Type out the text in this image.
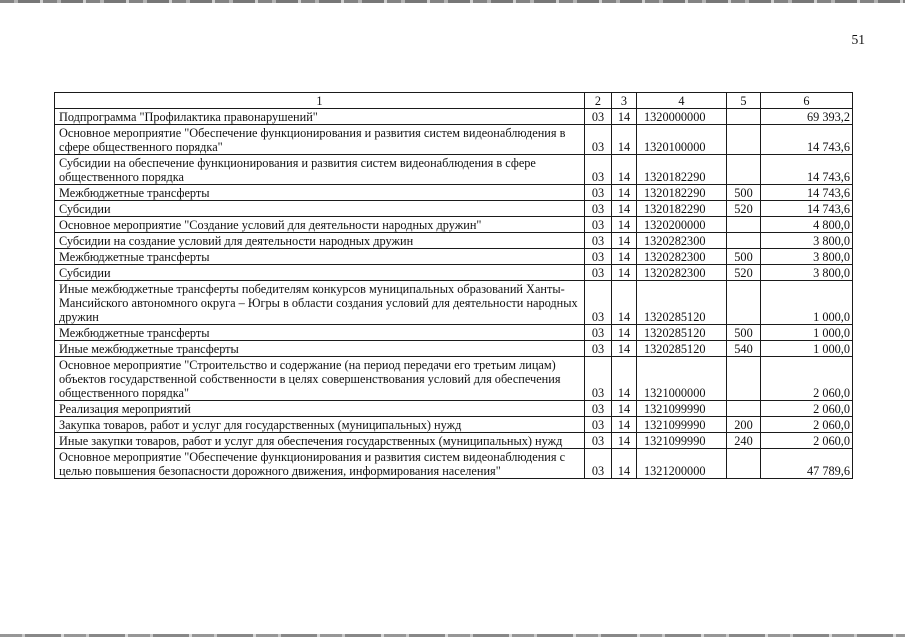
51
1	2	3	4	5	6
Подпрограмма "Профилактика правонарушений"	03	14	1320000000		69 393,2
Основное мероприятие "Обеспечение функционирования и развития систем видеонаблюдения в сфере общественного порядка"	03	14	1320100000		14 743,6
Субсидии на обеспечение функционирования и развития систем видеонаблюдения в сфере общественного порядка	03	14	1320182290		14 743,6
Межбюджетные трансферты	03	14	1320182290	500	14 743,6
Субсидии	03	14	1320182290	520	14 743,6
Основное мероприятие "Создание условий для деятельности народных дружин"	03	14	1320200000		4 800,0
Субсидии на создание условий для деятельности народных дружин	03	14	1320282300		3 800,0
Межбюджетные трансферты	03	14	1320282300	500	3 800,0
Субсидии	03	14	1320282300	520	3 800,0
Иные межбюджетные трансферты победителям конкурсов муниципальных образований Ханты-Мансийского автономного округа – Югры в области создания условий для деятельности народных дружин	03	14	1320285120		1 000,0
Межбюджетные трансферты	03	14	1320285120	500	1 000,0
Иные межбюджетные трансферты	03	14	1320285120	540	1 000,0
Основное мероприятие "Строительство и содержание (на период передачи его третьим лицам) объектов государственной собственности в целях совершенствования условий для обеспечения общественного порядка"	03	14	1321000000		2 060,0
Реализация мероприятий	03	14	1321099990		2 060,0
Закупка товаров, работ и услуг для государственных (муниципальных) нужд	03	14	1321099990	200	2 060,0
Иные закупки товаров, работ и услуг для обеспечения государственных (муниципальных) нужд	03	14	1321099990	240	2 060,0
Основное мероприятие "Обеспечение функционирования и развития систем видеонаблюдения с целью повышения безопасности дорожного движения, информирования населения"	03	14	1321200000		47 789,6
